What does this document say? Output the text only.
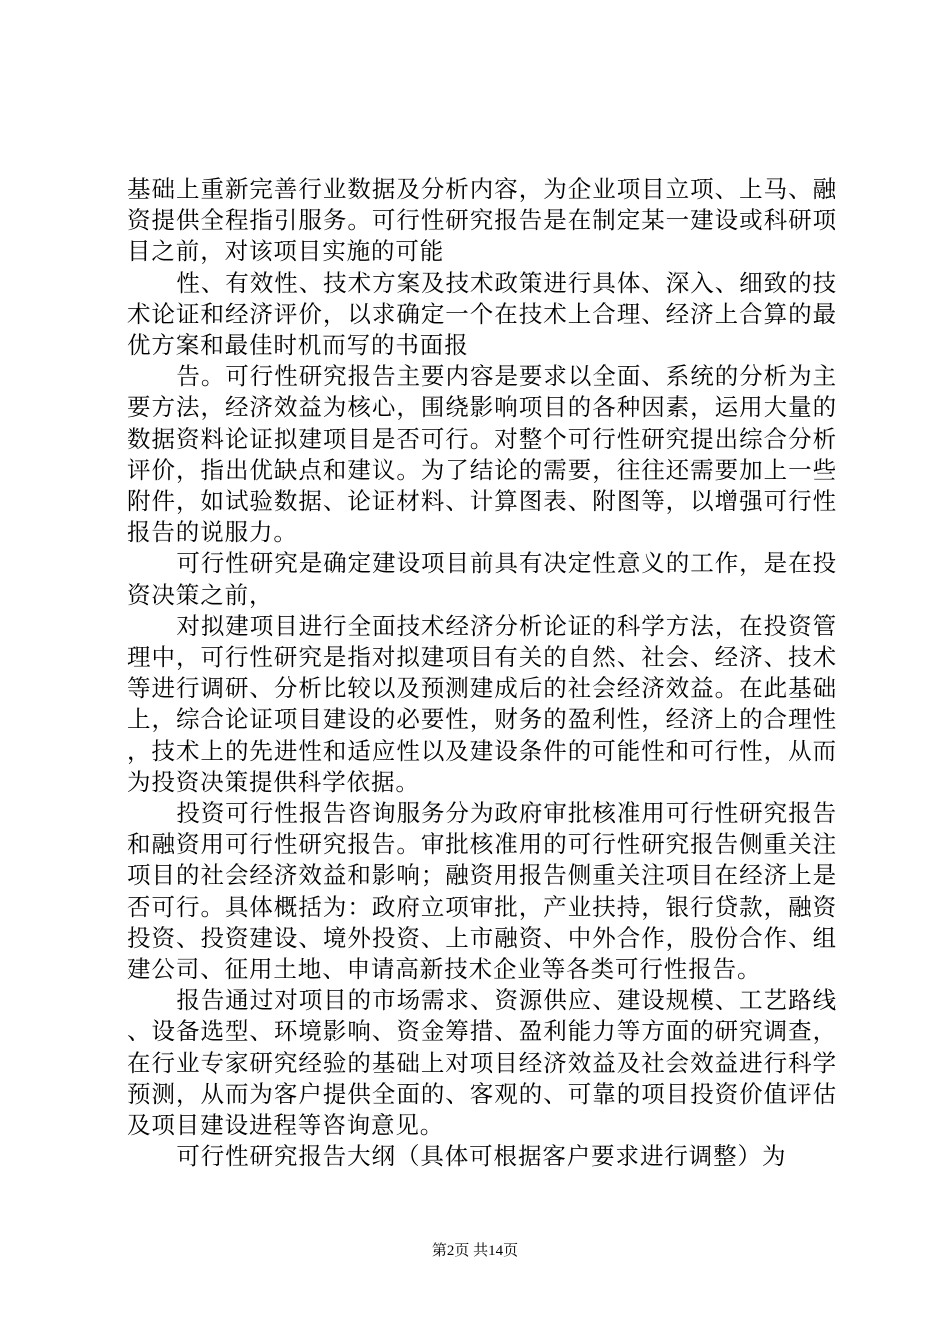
基础上重新完善行业数据及分析内容，为企业项目立项、上马、融资提供全程指引服务。可行性研究报告是在制定某一建设或科研项目之前，对该项目实施的可能

性、有效性、技术方案及技术政策进行具体、深入、细致的技术论证和经济评价，以求确定一个在技术上合理、经济上合算的最优方案和最佳时机而写的书面报

告。可行性研究报告主要内容是要求以全面、系统的分析为主要方法，经济效益为核心，围绕影响项目的各种因素，运用大量的数据资料论证拟建项目是否可行。对整个可行性研究提出综合分析评价，指出优缺点和建议。为了结论的需要，往往还需要加上一些附件，如试验数据、论证材料、计算图表、附图等，以增强可行性报告的说服力。

可行性研究是确定建设项目前具有决定性意义的工作，是在投资决策之前，

对拟建项目进行全面技术经济分析论证的科学方法，在投资管理中，可行性研究是指对拟建项目有关的自然、社会、经济、技术等进行调研、分析比较以及预测建成后的社会经济效益。在此基础上，综合论证项目建设的必要性，财务的盈利性，经济上的合理性，技术上的先进性和适应性以及建设条件的可能性和可行性，从而为投资决策提供科学依据。

投资可行性报告咨询服务分为政府审批核准用可行性研究报告和融资用可行性研究报告。审批核准用的可行性研究报告侧重关注项目的社会经济效益和影响；融资用报告侧重关注项目在经济上是否可行。具体概括为：政府立项审批，产业扶持，银行贷款，融资投资、投资建设、境外投资、上市融资、中外合作，股份合作、组建公司、征用土地、申请高新技术企业等各类可行性报告。

报告通过对项目的市场需求、资源供应、建设规模、工艺路线、设备选型、环境影响、资金筹措、盈利能力等方面的研究调查，在行业专家研究经验的基础上对项目经济效益及社会效益进行科学预测，从而为客户提供全面的、客观的、可靠的项目投资价值评估及项目建设进程等咨询意见。

可行性研究报告大纲（具体可根据客户要求进行调整）为

第2页 共14页
